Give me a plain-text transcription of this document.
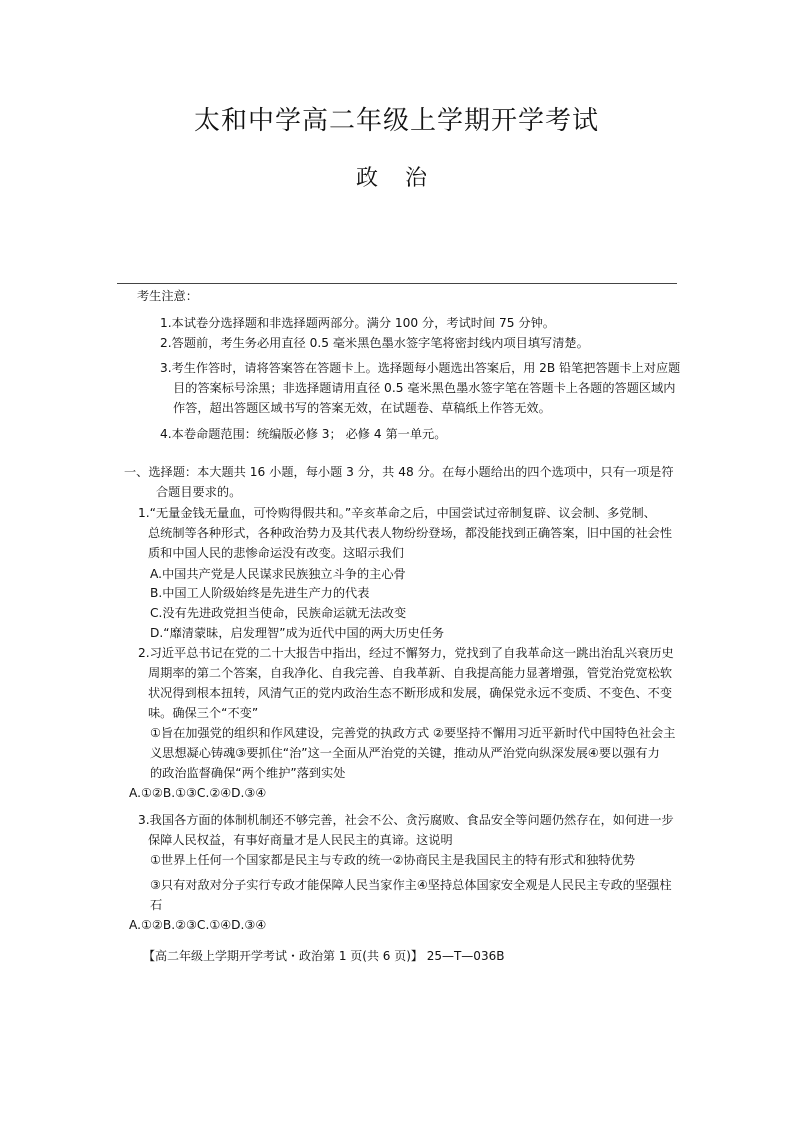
太和中学高二年级上学期开学考试
政 治
考生注意：
1.本试卷分选择题和非选择题两部分。满分 100 分，考试时间 75 分钟。
2.答题前，考生务必用直径 0.5 毫米黑色墨水签字笔将密封线内项目填写清楚。
3.考生作答时，请将答案答在答题卡上。选择题每小题选出答案后，用 2B 铅笔把答题卡上对应题
目的答案标号涂黑；非选择题请用直径 0.5 毫米黑色墨水签字笔在答题卡上各题的答题区域内
作答，超出答题区域书写的答案无效，在试题卷、草稿纸上作答无效。
4.本卷命题范围：统编版必修 3； 必修 4 第一单元。
一、选择题：本大题共 16 小题，每小题 3 分，共 48 分。在每小题给出的四个选项中，只有一项是符
合题目要求的。
1.“无量金钱无量血，可怜购得假共和。”辛亥革命之后，中国尝试过帝制复辟、议会制、多党制、
总统制等各种形式，各种政治势力及其代表人物纷纷登场，都没能找到正确答案，旧中国的社会性
质和中国人民的悲惨命运没有改变。这昭示我们
A.中国共产党是人民谋求民族独立斗争的主心骨
B.中国工人阶级始终是先进生产力的代表
C.没有先进政党担当使命，民族命运就无法改变
D.“靡清蒙昧，启发理智”成为近代中国的两大历史任务
2.习近平总书记在党的二十大报告中指出，经过不懈努力，党找到了自我革命这一跳出治乱兴衰历史
周期率的第二个答案，自我净化、自我完善、自我革新、自我提高能力显著增强，管党治党宽松软
状况得到根本扭转，风清气正的党内政治生态不断形成和发展，确保党永远不变质、不变色、不变
味。确保三个“不变”
①旨在加强党的组织和作风建设，完善党的执政方式 ②要坚持不懈用习近平新时代中国特色社会主
义思想凝心铸魂③要抓住“治”这一全面从严治党的关键，推动从严治党向纵深发展④要以强有力
的政治监督确保“两个维护”落到实处
A.①②B.①③C.②④D.③④
3.我国各方面的体制机制还不够完善，社会不公、贪污腐败、食品安全等问题仍然存在，如何进一步
保障人民权益，有事好商量才是人民民主的真谛。这说明
①世界上任何一个国家都是民主与专政的统一②协商民主是我国民主的特有形式和独特优势
③只有对敌对分子实行专政才能保障人民当家作主④坚持总体国家安全观是人民民主专政的坚强柱
石
A.①②B.②③C.①④D.③④
【高二年级上学期开学考试・政治第 1 页(共 6 页)】 25—T—036B
